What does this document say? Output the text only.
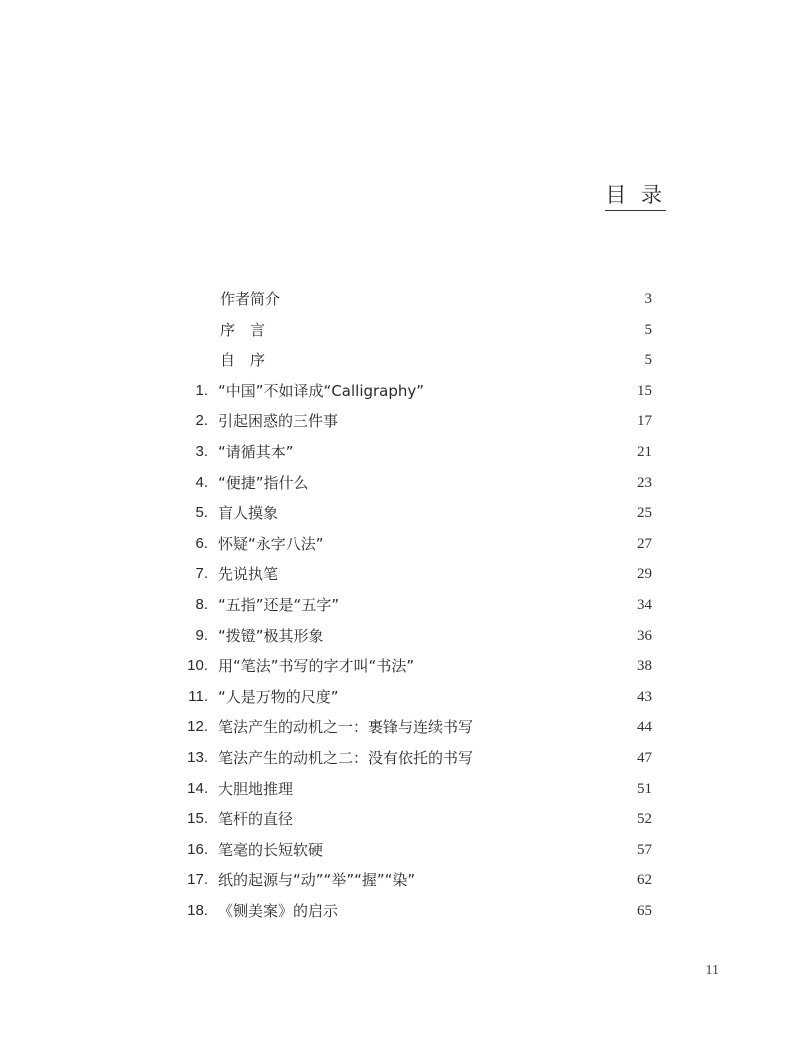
目 录
作者简介	3
序　言	5
自　序	5
1. “中国”不如译成“Calligraphy”	15
2. 引起困惑的三件事	17
3. “请循其本”	21
4. “便捷”指什么	23
5. 盲人摸象	25
6. 怀疑“永字八法”	27
7. 先说执笔	29
8. “五指”还是“五字”	34
9. “拨镫”极其形象	36
10. 用“笔法”书写的字才叫“书法”	38
11. “人是万物的尺度”	43
12. 笔法产生的动机之一：裹锋与连续书写	44
13. 笔法产生的动机之二：没有依托的书写	47
14. 大胆地推理	51
15. 笔杆的直径	52
16. 笔毫的长短软硬	57
17. 纸的起源与“动”“举”“握”“染”	62
18. 《铡美案》的启示	65
11
